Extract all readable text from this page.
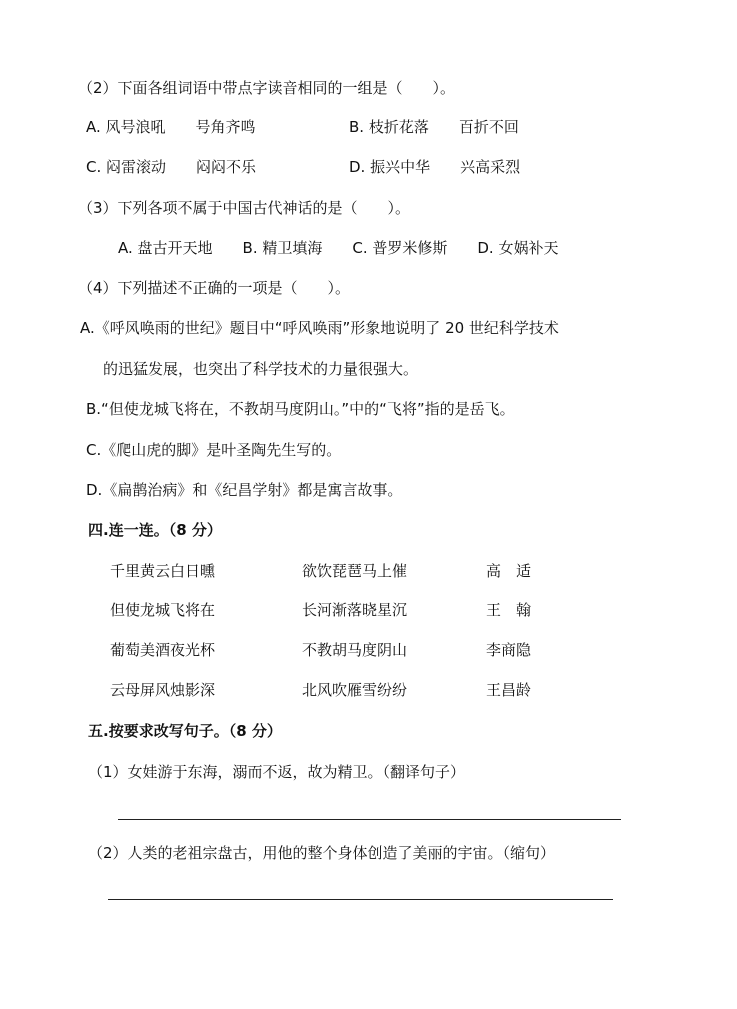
（2）下面各组词语中带点字读音相同的一组是（　　）。
A. 风号浪吼　　号角齐鸣	B. 枝折花落　　百折不回
C. 闷雷滚动　　闷闷不乐	D. 振兴中华　　兴高采烈
（3）下列各项不属于中国古代神话的是（　　）。
A. 盘古开天地　　B. 精卫填海　　C. 普罗米修斯　　D. 女娲补天
（4）下列描述不正确的一项是（　　）。
A.《呼风唤雨的世纪》题目中“呼风唤雨”形象地说明了 20 世纪科学技术
的迅猛发展，也突出了科学技术的力量很强大。
B.“但使龙城飞将在，不教胡马度阴山。”中的“飞将”指的是岳飞。
C.《爬山虎的脚》是叶圣陶先生写的。
D.《扁鹊治病》和《纪昌学射》都是寓言故事。
四.连一连。（8 分）
千里黄云白日曛
但使龙城飞将在
葡萄美酒夜光杯
云母屏风烛影深
欲饮琵琶马上催
长河渐落晓星沉
不教胡马度阴山
北风吹雁雪纷纷
高　适
王　翰
李商隐
王昌龄
五.按要求改写句子。（8 分）
（1）女娃游于东海，溺而不返，故为精卫。（翻译句子）
（2）人类的老祖宗盘古，用他的整个身体创造了美丽的宇宙。（缩句）
